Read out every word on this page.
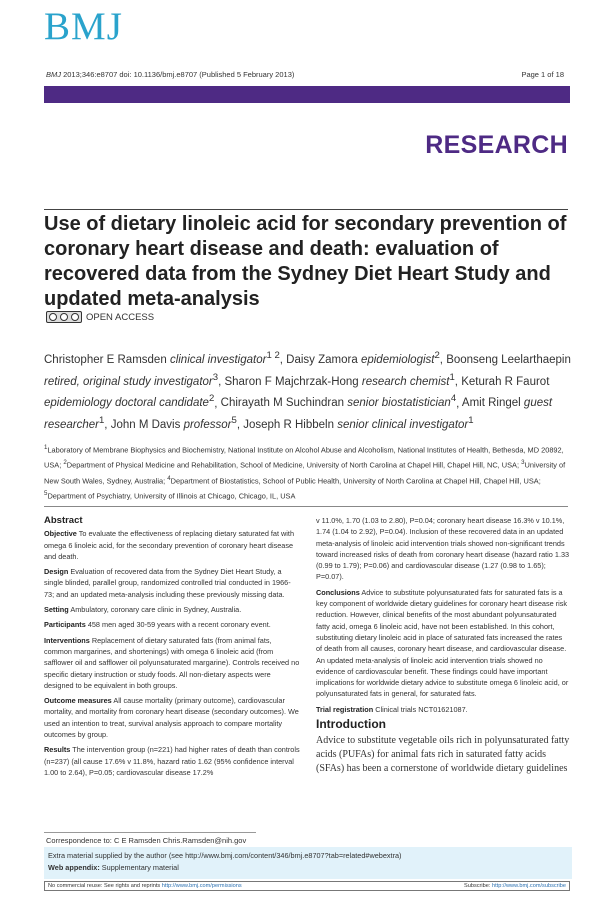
BMJ
BMJ 2013;346:e8707 doi: 10.1136/bmj.e8707 (Published 5 February 2013)	Page 1 of 18
RESEARCH
Use of dietary linoleic acid for secondary prevention of coronary heart disease and death: evaluation of recovered data from the Sydney Diet Heart Study and updated meta-analysis
OPEN ACCESS
Christopher E Ramsden clinical investigator$^{1 2}$, Daisy Zamora epidemiologist$^2$, Boonseng Leelarthaepin retired, original study investigator$^3$, Sharon F Majchrzak-Hong research chemist$^1$, Keturah R Faurot epidemiology doctoral candidate$^2$, Chirayath M Suchindran senior biostatistician$^4$, Amit Ringel guest researcher$^1$, John M Davis professor$^5$, Joseph R Hibbeln senior clinical investigator$^1$
$^1$Laboratory of Membrane Biophysics and Biochemistry, National Institute on Alcohol Abuse and Alcoholism, National Institutes of Health, Bethesda, MD 20892, USA; $^2$Department of Physical Medicine and Rehabilitation, School of Medicine, University of North Carolina at Chapel Hill, Chapel Hill, NC, USA; $^3$University of New South Wales, Sydney, Australia; $^4$Department of Biostatistics, School of Public Health, University of North Carolina at Chapel Hill, Chapel Hill, USA; $^5$Department of Psychiatry, University of Illinois at Chicago, Chicago, IL, USA
Abstract

Objective To evaluate the effectiveness of replacing dietary saturated fat with omega 6 linoleic acid, for the secondary prevention of coronary heart disease and death.

Design Evaluation of recovered data from the Sydney Diet Heart Study, a single blinded, parallel group, randomized controlled trial conducted in 1966-73; and an updated meta-analysis including these previously missing data.

Setting Ambulatory, coronary care clinic in Sydney, Australia.

Participants 458 men aged 30-59 years with a recent coronary event.

Interventions Replacement of dietary saturated fats (from animal fats, common margarines, and shortenings) with omega 6 linoleic acid (from safflower oil and safflower oil polyunsaturated margarine). Controls received no specific dietary instruction or study foods. All non-dietary aspects were designed to be equivalent in both groups.

Outcome measures All cause mortality (primary outcome), cardiovascular mortality, and mortality from coronary heart disease (secondary outcomes). We used an intention to treat, survival analysis approach to compare mortality outcomes by group.

Results The intervention group (n=221) had higher rates of death than controls (n=237) (all cause 17.6% v 11.8%, hazard ratio 1.62 (95% confidence interval 1.00 to 2.64), P=0.05; cardiovascular disease 17.2%

v 11.0%, 1.70 (1.03 to 2.80), P=0.04; coronary heart disease 16.3% v 10.1%, 1.74 (1.04 to 2.92), P=0.04). Inclusion of these recovered data in an updated meta-analysis of linoleic acid intervention trials showed non-significant trends toward increased risks of death from coronary heart disease (hazard ratio 1.33 (0.99 to 1.79); P=0.06) and cardiovascular disease (1.27 (0.98 to 1.65); P=0.07).

Conclusions Advice to substitute polyunsaturated fats for saturated fats is a key component of worldwide dietary guidelines for coronary heart disease risk reduction. However, clinical benefits of the most abundant polyunsaturated fatty acid, omega 6 linoleic acid, have not been established. In this cohort, substituting dietary linoleic acid in place of saturated fats increased the rates of death from all causes, coronary heart disease, and cardiovascular disease. An updated meta-analysis of linoleic acid intervention trials showed no evidence of cardiovascular benefit. These findings could have important implications for worldwide dietary advice to substitute omega 6 linoleic acid, or polyunsaturated fats in general, for saturated fats.

Trial registration Clinical trials NCT01621087.

Introduction
Advice to substitute vegetable oils rich in polyunsaturated fatty acids (PUFAs) for animal fats rich in saturated fatty acids (SFAs) has been a cornerstone of worldwide dietary guidelines
Correspondence to: C E Ramsden Chris.Ramsden@nih.gov
Extra material supplied by the author (see http://www.bmj.com/content/346/bmj.e8707?tab=related#webextra)
Web appendix: Supplementary material
No commercial reuse: See rights and reprints http://www.bmj.com/permissions	Subscribe: http://www.bmj.com/subscribe
